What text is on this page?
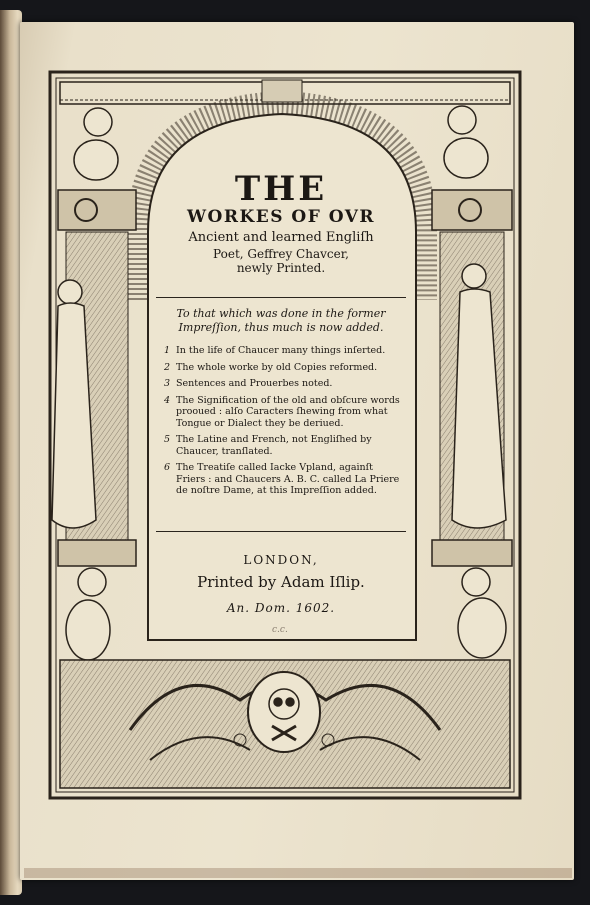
c.c.
THE
WORKES OF OVR
Ancient and learned Engliſh
Poet, Geffrey Chavcer,
newly Printed.
To that which was done in the former Impreſſion, thus much is now added.
1 In the life of Chaucer many things inſerted.
2 The whole worke by old Copies reformed.
3 Sentences and Prouerbes noted.
4 The Signification of the old and obſcure words prooued : alſo Caracters ſhewing from what Tongue or Dialect they be deriued.
5 The Latine and French, not Engliſhed by Chaucer, tranſlated.
6 The Treatiſe called Iacke Vpland, againſt Friers : and Chaucers A. B. C. called La Priere de noſtre Dame, at this Impreſſion added.
LONDON,
Printed by Adam Iſlip.
An. Dom. 1602.
